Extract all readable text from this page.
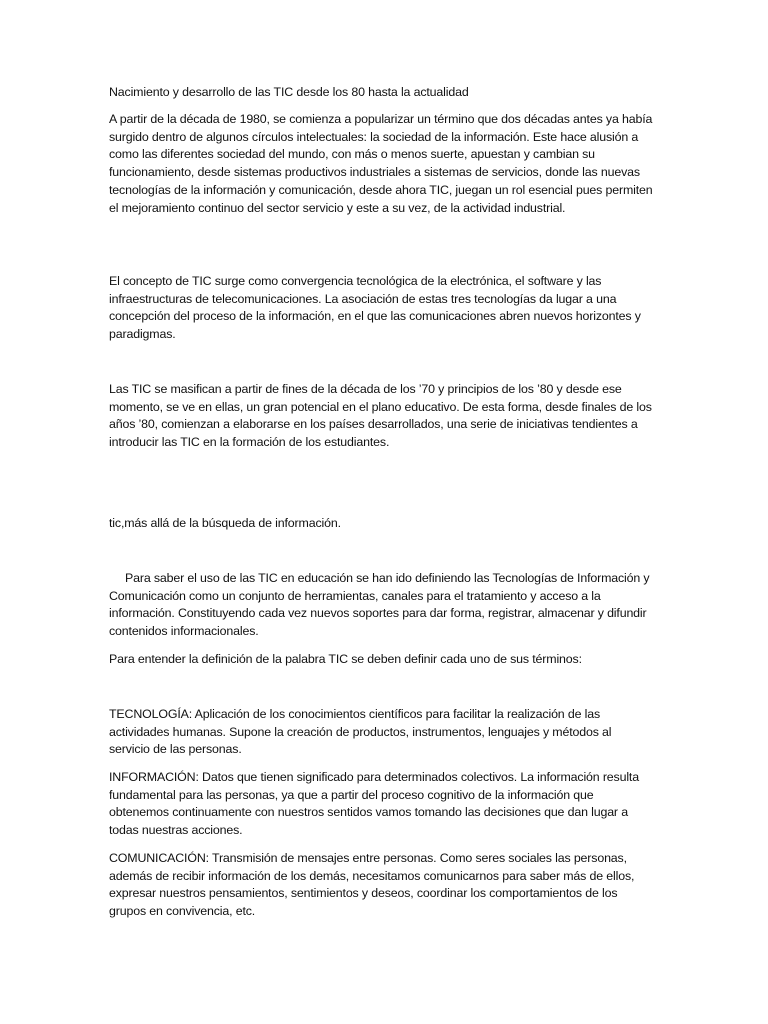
Nacimiento y desarrollo de las TIC desde los 80 hasta la actualidad

A partir de la década de 1980, se comienza a popularizar un término que dos décadas antes ya había surgido dentro de algunos círculos intelectuales: la sociedad de la información. Este hace alusión a como las diferentes sociedad del mundo, con más o menos suerte, apuestan y cambian su funcionamiento, desde sistemas productivos industriales a sistemas de servicios, donde las nuevas tecnologías de la información y comunicación, desde ahora TIC, juegan un rol esencial pues permiten el mejoramiento continuo del sector servicio y este a su vez, de la actividad industrial.

El concepto de TIC surge como convergencia tecnológica de la electrónica, el software y las infraestructuras de telecomunicaciones. La asociación de estas tres tecnologías da lugar a una concepción del proceso de la información, en el que las comunicaciones abren nuevos horizontes y paradigmas.

Las TIC se masifican a partir de fines de la década de los ’70 y principios de los ’80 y desde ese momento, se ve en ellas, un gran potencial en el plano educativo. De esta forma, desde finales de los años ’80, comienzan a elaborarse en los países desarrollados, una serie de iniciativas tendientes a introducir las TIC en la formación de los estudiantes.

tic,más allá de la búsqueda de información.

Para saber el uso de las TIC en educación se han ido definiendo las Tecnologías de Información y Comunicación como un conjunto de herramientas, canales para el tratamiento y acceso a la información. Constituyendo cada vez nuevos soportes para dar forma, registrar, almacenar y difundir contenidos informacionales.

Para entender la definición de la palabra TIC se deben definir cada uno de sus términos:

TECNOLOGÍA: Aplicación de los conocimientos científicos para facilitar la realización de las actividades humanas. Supone la creación de productos, instrumentos, lenguajes y métodos al servicio de las personas.

INFORMACIÓN: Datos que tienen significado para determinados colectivos. La información resulta fundamental para las personas, ya que a partir del proceso cognitivo de la información que obtenemos continuamente con nuestros sentidos vamos tomando las decisiones que dan lugar a todas nuestras acciones.

COMUNICACIÓN: Transmisión de mensajes entre personas. Como seres sociales las personas, además de recibir información de los demás, necesitamos comunicarnos para saber más de ellos, expresar nuestros pensamientos, sentimientos y deseos, coordinar los comportamientos de los grupos en convivencia, etc.
